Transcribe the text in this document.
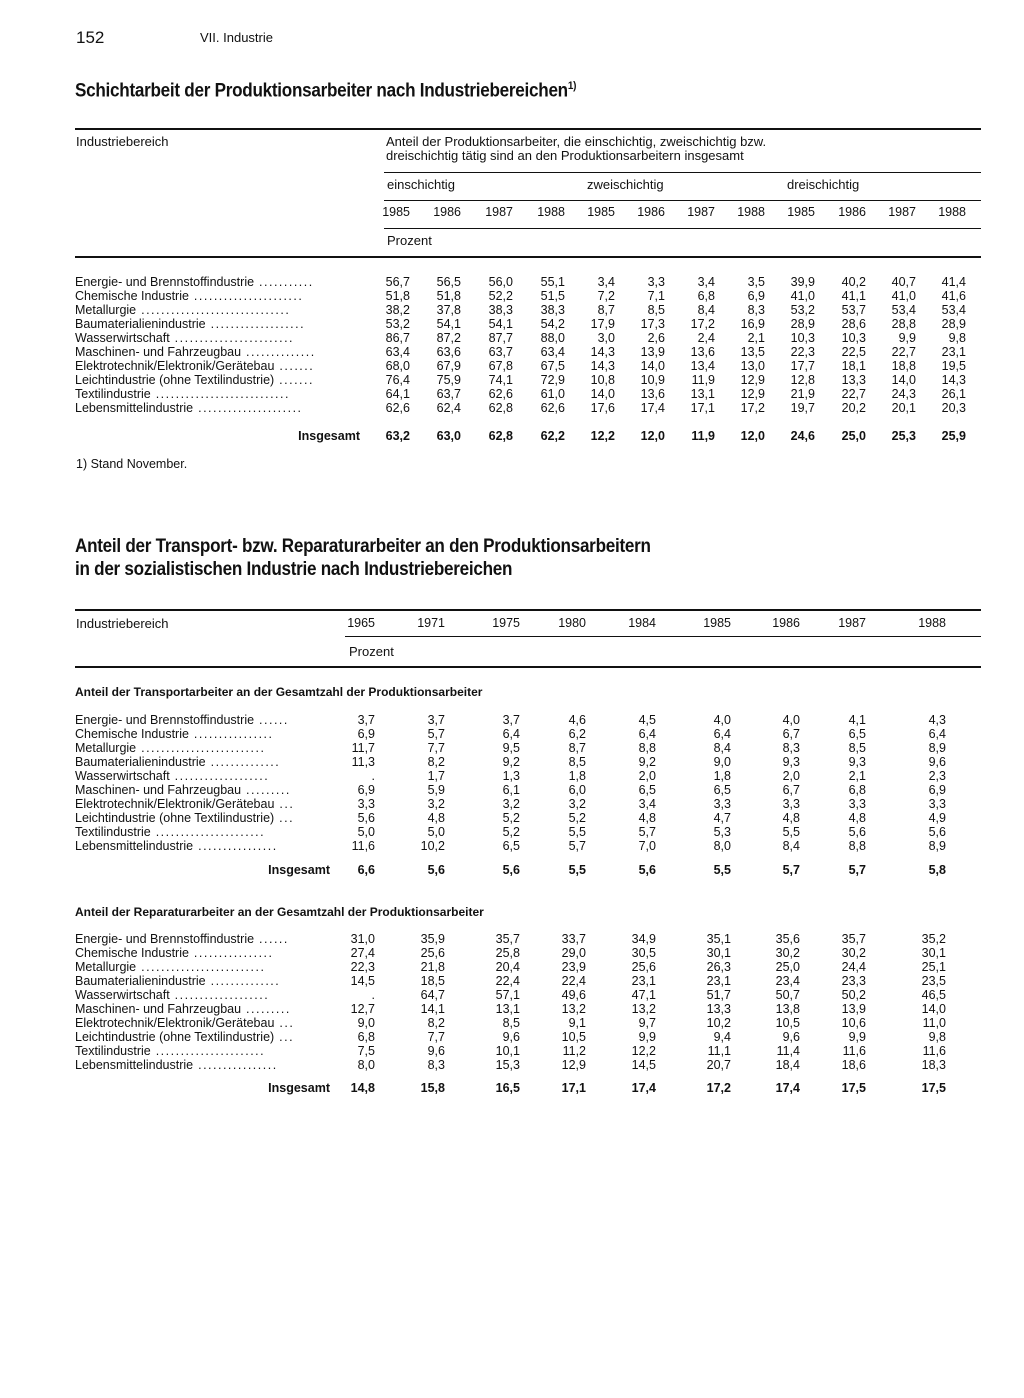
152	VII. Industrie
Schichtarbeit der Produktionsarbeiter nach Industriebereichen$^{1)}$
Industriebereich	Anteil der Produktionsarbeiter, die einschichtig, zweischichtig bzw.
dreischichtig tätig sind an den Produktionsarbeitern insgesamt
einschichtig	zweischichtig	dreischichtig
1985	1986	1987	1988	1985	1986	1987	1988	1985	1986	1987	1988
Prozent
Energie- und Brennstoffindustrie ...........	56,7	56,5	56,0	55,1	3,4	3,3	3,4	3,5	39,9	40,2	40,7	41,4
Chemische Industrie ......................	51,8	51,8	52,2	51,5	7,2	7,1	6,8	6,9	41,0	41,1	41,0	41,6
Metallurgie ..............................	38,2	37,8	38,3	38,3	8,7	8,5	8,4	8,3	53,2	53,7	53,4	53,4
Baumaterialienindustrie ...................	53,2	54,1	54,1	54,2	17,9	17,3	17,2	16,9	28,9	28,6	28,8	28,9
Wasserwirtschaft ........................	86,7	87,2	87,7	88,0	3,0	2,6	2,4	2,1	10,3	10,3	9,9	9,8
Maschinen- und Fahrzeugbau ..............	63,4	63,6	63,7	63,4	14,3	13,9	13,6	13,5	22,3	22,5	22,7	23,1
Elektrotechnik/Elektronik/Gerätebau .......	68,0	67,9	67,8	67,5	14,3	14,0	13,4	13,0	17,7	18,1	18,8	19,5
Leichtindustrie (ohne Textilindustrie) .......	76,4	75,9	74,1	72,9	10,8	10,9	11,9	12,9	12,8	13,3	14,0	14,3
Textilindustrie ...........................	64,1	63,7	62,6	61,0	14,0	13,6	13,1	12,9	21,9	22,7	24,3	26,1
Lebensmittelindustrie .....................	62,6	62,4	62,8	62,6	17,6	17,4	17,1	17,2	19,7	20,2	20,1	20,3
Insgesamt	63,2	63,0	62,8	62,2	12,2	12,0	11,9	12,0	24,6	25,0	25,3	25,9
1) Stand November.
Anteil der Transport- bzw. Reparaturarbeiter an den Produktionsarbeitern
in der sozialistischen Industrie nach Industriebereichen
Industriebereich	1965	1971	1975	1980	1984	1985	1986	1987	1988
Prozent
Anteil der Transportarbeiter an der Gesamtzahl der Produktionsarbeiter
Energie- und Brennstoffindustrie ......	3,7	3,7	3,7	4,6	4,5	4,0	4,0	4,1	4,3
Chemische Industrie ................	6,9	5,7	6,4	6,2	6,4	6,4	6,7	6,5	6,4
Metallurgie .........................	11,7	7,7	9,5	8,7	8,8	8,4	8,3	8,5	8,9
Baumaterialienindustrie ..............	11,3	8,2	9,2	8,5	9,2	9,0	9,3	9,3	9,6
Wasserwirtschaft ...................	.	1,7	1,3	1,8	2,0	1,8	2,0	2,1	2,3
Maschinen- und Fahrzeugbau .........	6,9	5,9	6,1	6,0	6,5	6,5	6,7	6,8	6,9
Elektrotechnik/Elektronik/Gerätebau ...	3,3	3,2	3,2	3,2	3,4	3,3	3,3	3,3	3,3
Leichtindustrie (ohne Textilindustrie) ...	5,6	4,8	5,2	5,2	4,8	4,7	4,8	4,8	4,9
Textilindustrie ......................	5,0	5,0	5,2	5,5	5,7	5,3	5,5	5,6	5,6
Lebensmittelindustrie ................	11,6	10,2	6,5	5,7	7,0	8,0	8,4	8,8	8,9
Insgesamt	6,6	5,6	5,6	5,5	5,6	5,5	5,7	5,7	5,8
Anteil der Reparaturarbeiter an der Gesamtzahl der Produktionsarbeiter
Energie- und Brennstoffindustrie ......	31,0	35,9	35,7	33,7	34,9	35,1	35,6	35,7	35,2
Chemische Industrie ................	27,4	25,6	25,8	29,0	30,5	30,1	30,2	30,2	30,1
Metallurgie .........................	22,3	21,8	20,4	23,9	25,6	26,3	25,0	24,4	25,1
Baumaterialienindustrie ..............	14,5	18,5	22,4	22,4	23,1	23,1	23,4	23,3	23,5
Wasserwirtschaft ...................	.	64,7	57,1	49,6	47,1	51,7	50,7	50,2	46,5
Maschinen- und Fahrzeugbau .........	12,7	14,1	13,1	13,2	13,2	13,3	13,8	13,9	14,0
Elektrotechnik/Elektronik/Gerätebau ...	9,0	8,2	8,5	9,1	9,7	10,2	10,5	10,6	11,0
Leichtindustrie (ohne Textilindustrie) ...	6,8	7,7	9,6	10,5	9,9	9,4	9,6	9,9	9,8
Textilindustrie ......................	7,5	9,6	10,1	11,2	12,2	11,1	11,4	11,6	11,6
Lebensmittelindustrie ................	8,0	8,3	15,3	12,9	14,5	20,7	18,4	18,6	18,3
Insgesamt	14,8	15,8	16,5	17,1	17,4	17,2	17,4	17,5	17,5
